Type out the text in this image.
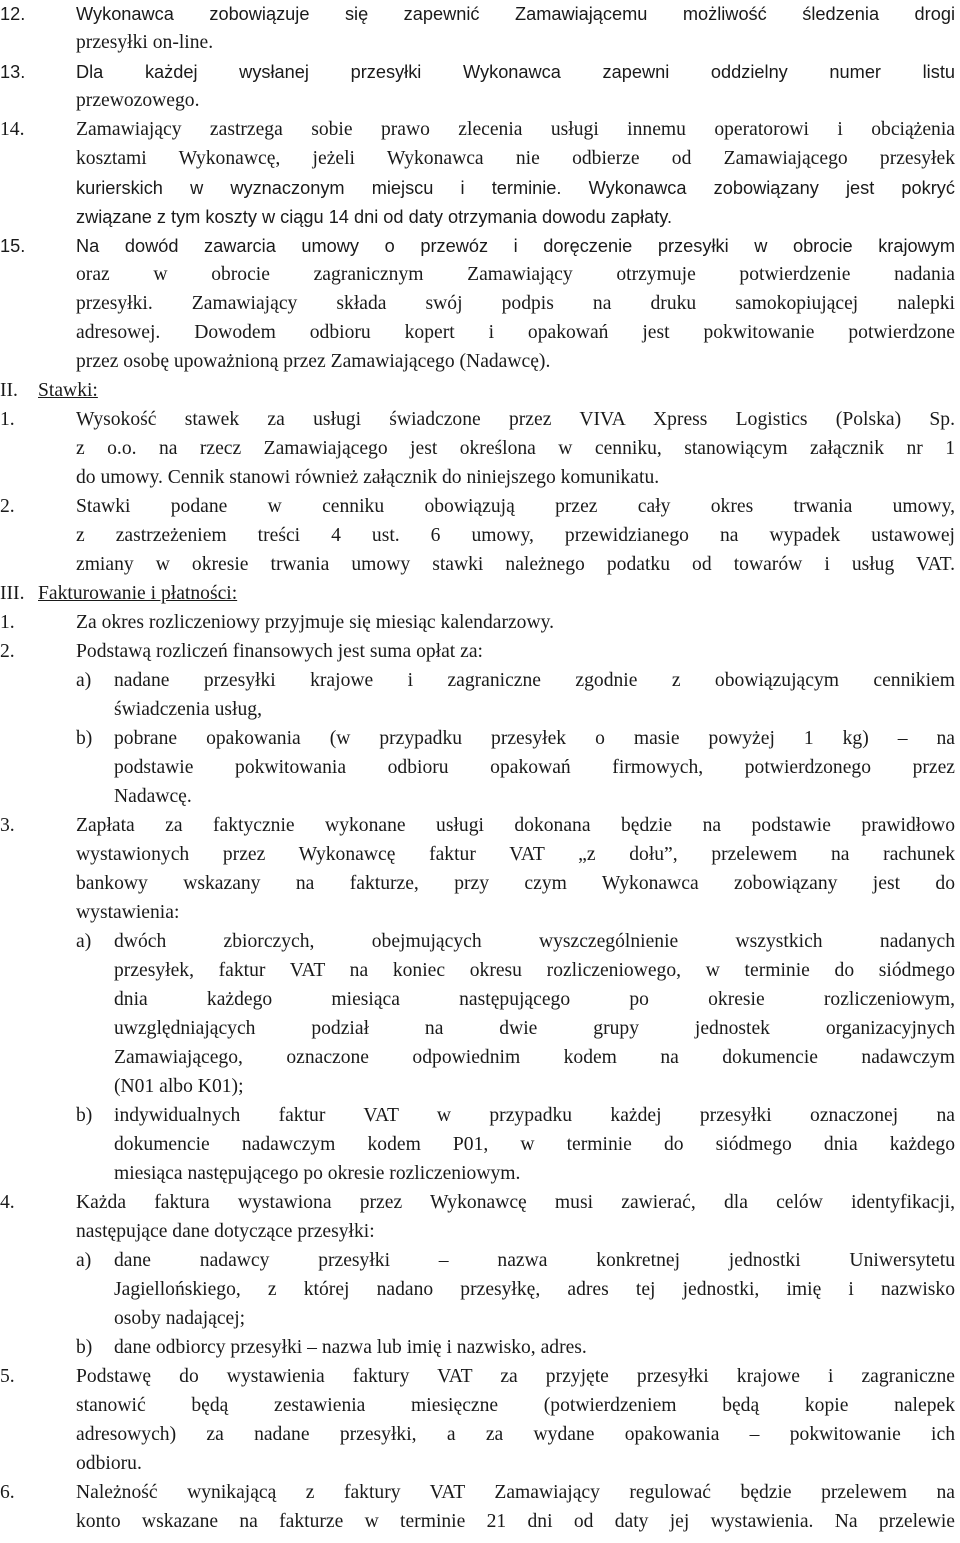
12.	Wykonawca zobowiązuje się zapewnić Zamawiającemu możliwość śledzenia drogi
przesyłki on-line.
13.	Dla każdej wysłanej przesyłki Wykonawca zapewni oddzielny numer listu
przewozowego.
14.	Zamawiający zastrzega sobie prawo zlecenia usługi innemu operatorowi i obciążenia
kosztami Wykonawcę, jeżeli Wykonawca nie odbierze od Zamawiającego przesyłek
kurierskich w wyznaczonym miejscu i terminie. Wykonawca zobowiązany jest pokryć
związane z tym koszty w ciągu 14 dni od daty otrzymania dowodu zapłaty.
15.	Na dowód zawarcia umowy o przewóz i doręczenie przesyłki w obrocie krajowym
oraz w obrocie zagranicznym Zamawiający otrzymuje potwierdzenie nadania
przesyłki. Zamawiający składa swój podpis na druku samokopiującej nalepki
adresowej. Dowodem odbioru kopert i opakowań jest pokwitowanie potwierdzone
przez osobę upoważnioną przez Zamawiającego (Nadawcę).
II. Stawki:
1.	Wysokość stawek za usługi świadczone przez VIVA Xpress Logistics (Polska) Sp.
z o.o. na rzecz Zamawiającego jest określona w cenniku, stanowiącym załącznik nr 1
do umowy. Cennik stanowi również załącznik do niniejszego komunikatu.
2.	Stawki podane w cenniku obowiązują przez cały okres trwania umowy,
z zastrzeżeniem treści 4 ust. 6 umowy, przewidzianego na wypadek ustawowej
zmiany w okresie trwania umowy stawki należnego podatku od towarów i usług VAT.
III. Fakturowanie i płatności:
1.	Za okres rozliczeniowy przyjmuje się miesiąc kalendarzowy.
2.	Podstawą rozliczeń finansowych jest suma opłat za:
a) nadane przesyłki krajowe i zagraniczne zgodnie z obowiązującym cennikiem
świadczenia usług,
b) pobrane opakowania (w przypadku przesyłek o masie powyżej 1 kg) – na
podstawie pokwitowania odbioru opakowań firmowych, potwierdzonego przez
Nadawcę.
3.	Zapłata za faktycznie wykonane usługi dokonana będzie na podstawie prawidłowo
wystawionych przez Wykonawcę faktur VAT „z dołu”, przelewem na rachunek
bankowy wskazany na fakturze, przy czym Wykonawca zobowiązany jest do
wystawienia:
a) dwóch zbiorczych, obejmujących wyszczególnienie wszystkich nadanych
przesyłek, faktur VAT na koniec okresu rozliczeniowego, w terminie do siódmego
dnia każdego miesiąca następującego po okresie rozliczeniowym,
uwzględniających podział na dwie grupy jednostek organizacyjnych
Zamawiającego, oznaczone odpowiednim kodem na dokumencie nadawczym
(N01 albo K01);
b) indywidualnych faktur VAT w przypadku każdej przesyłki oznaczonej na
dokumencie nadawczym kodem P01, w terminie do siódmego dnia każdego
miesiąca następującego po okresie rozliczeniowym.
4.	Każda faktura wystawiona przez Wykonawcę musi zawierać, dla celów identyfikacji,
następujące dane dotyczące przesyłki:
a) dane nadawcy przesyłki – nazwa konkretnej jednostki Uniwersytetu
Jagiellońskiego, z której nadano przesyłkę, adres tej jednostki, imię i nazwisko
osoby nadającej;
b) dane odbiorcy przesyłki – nazwa lub imię i nazwisko, adres.
5.	Podstawę do wystawienia faktury VAT za przyjęte przesyłki krajowe i zagraniczne
stanowić będą zestawienia miesięczne (potwierdzeniem będą kopie nalepek
adresowych) za nadane przesyłki, a za wydane opakowania – pokwitowanie ich
odbioru.
6.	Należność wynikającą z faktury VAT Zamawiający regulować będzie przelewem na
konto wskazane na fakturze w terminie 21 dni od daty jej wystawienia. Na przelewie
